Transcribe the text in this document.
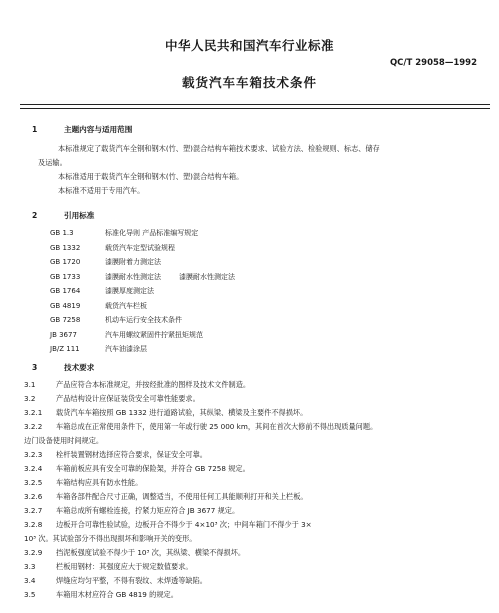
中华人民共和国汽车行业标准
QC/T 29058—1992
载货汽车车箱技术条件
1	主题内容与适用范围
本标准规定了载货汽车全钢和钢木(竹、塑)混合结构车箱技术要求、试验方法、检验规则、标志、储存
及运输。
本标准适用于载货汽车全钢和钢木(竹、塑)混合结构车箱。
本标准不适用于专用汽车。
2	引用标准
GB 1.3	标准化导则 产品标准编写规定
GB 1332	载货汽车定型试验规程
GB 1720	漆膜附着力测定法
GB 1733	漆膜耐水性测定法	漆膜耐水性测定法
GB 1764	漆膜厚度测定法
GB 4819	载货汽车栏板
GB 7258	机动车运行安全技术条件
JB 3677	汽车用螺纹紧固件拧紧扭矩规范
JB/Z 111	汽车油漆涂层
3	技术要求
3.1	产品应符合本标准规定，并按经批准的图样及技术文件制造。
3.2	产品结构设计应保证装货安全可靠性能要求。
3.2.1 载货汽车车箱按照 GB 1332 进行道路试验，其纵梁、横梁及主要件不得损坏。
3.2.2 车箱总成在正常使用条件下，使用第一年或行驶 25 000 km，其间在首次大修前不得出现质量问题。
边门设备使用时间规定。
3.2.3 栓杆装置钢材选择应符合要求，保证安全可靠。
3.2.4 车箱前板应具有安全可靠的保险架，并符合 GB 7258 规定。
3.2.5 车箱结构应具有防水性能。
3.2.6 车箱各部件配合尺寸正确，调整适当，不使用任何工具能顺利打开和关上栏板。
3.2.7 车箱总成所有螺栓连接，拧紧力矩应符合 JB 3677 规定。
3.2.8 边板开合可靠性验试验，边板开合不得少于 4×10³ 次；中间车箱门不得少于 3×
10³ 次。其试验部分不得出现损坏和影响开关的变形。
3.2.9 挡泥板强度试验不得少于 10³ 次，其纵梁、横梁不得损坏。
3.3	栏板用钢材：其强度应大于规定数值要求。
3.4	焊缝应均匀平整，不得有裂纹、未焊透等缺陷。
3.5	车箱用木材应符合 GB 4819 的规定。
